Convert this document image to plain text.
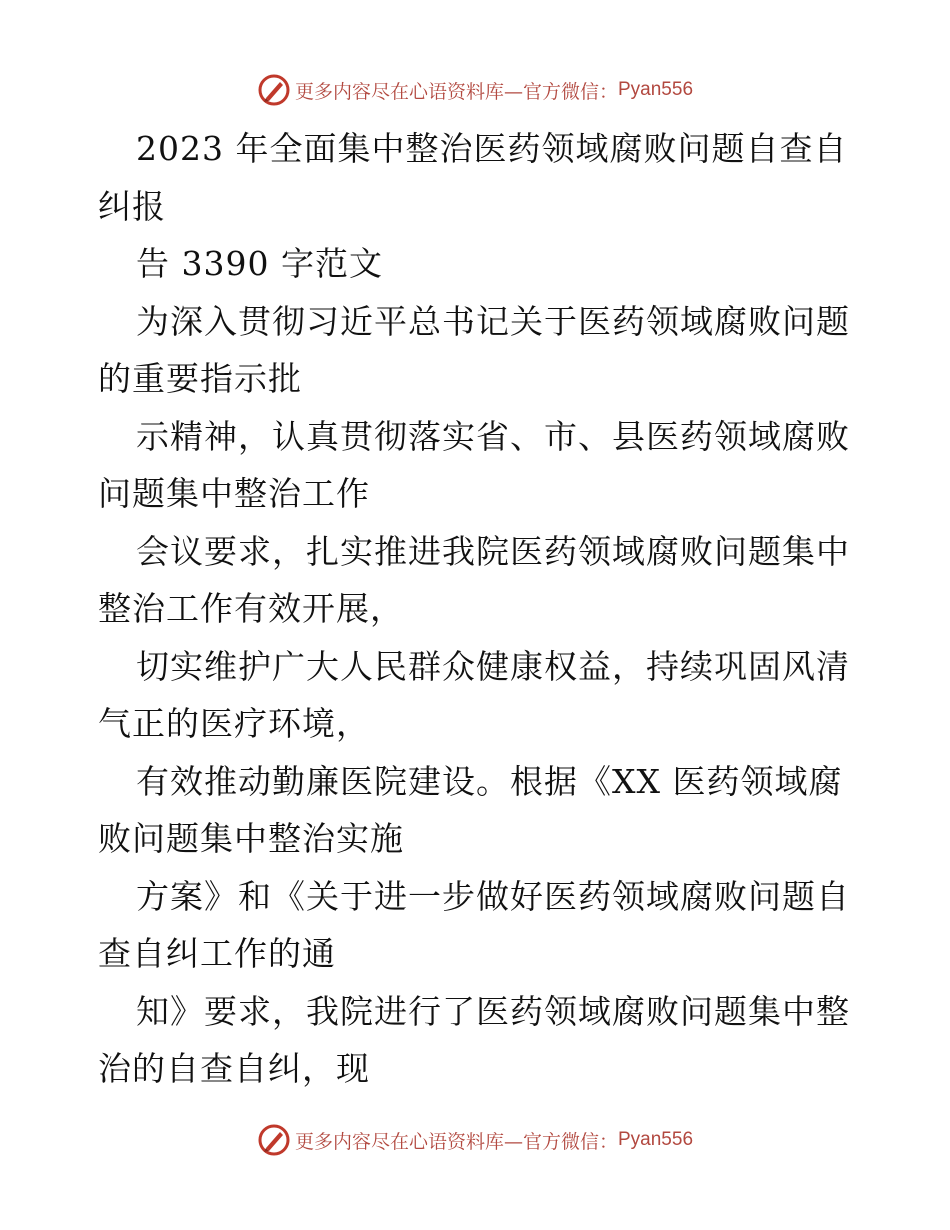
更多内容尽在心语资料库—官方微信： Pyan556
2023 年全面集中整治医药领域腐败问题自查自
纠报
告 3390 字范文
为深入贯彻习近平总书记关于医药领域腐败问题
的重要指示批
示精神，认真贯彻落实省、市、县医药领域腐败
问题集中整治工作
会议要求，扎实推进我院医药领域腐败问题集中
整治工作有效开展，
切实维护广大人民群众健康权益，持续巩固风清
气正的医疗环境，
有效推动勤廉医院建设。根据《XX 医药领域腐
败问题集中整治实施
方案》和《关于进一步做好医药领域腐败问题自
查自纠工作的通
知》要求，我院进行了医药领域腐败问题集中整
治的自查自纠，现
更多内容尽在心语资料库—官方微信： Pyan556
